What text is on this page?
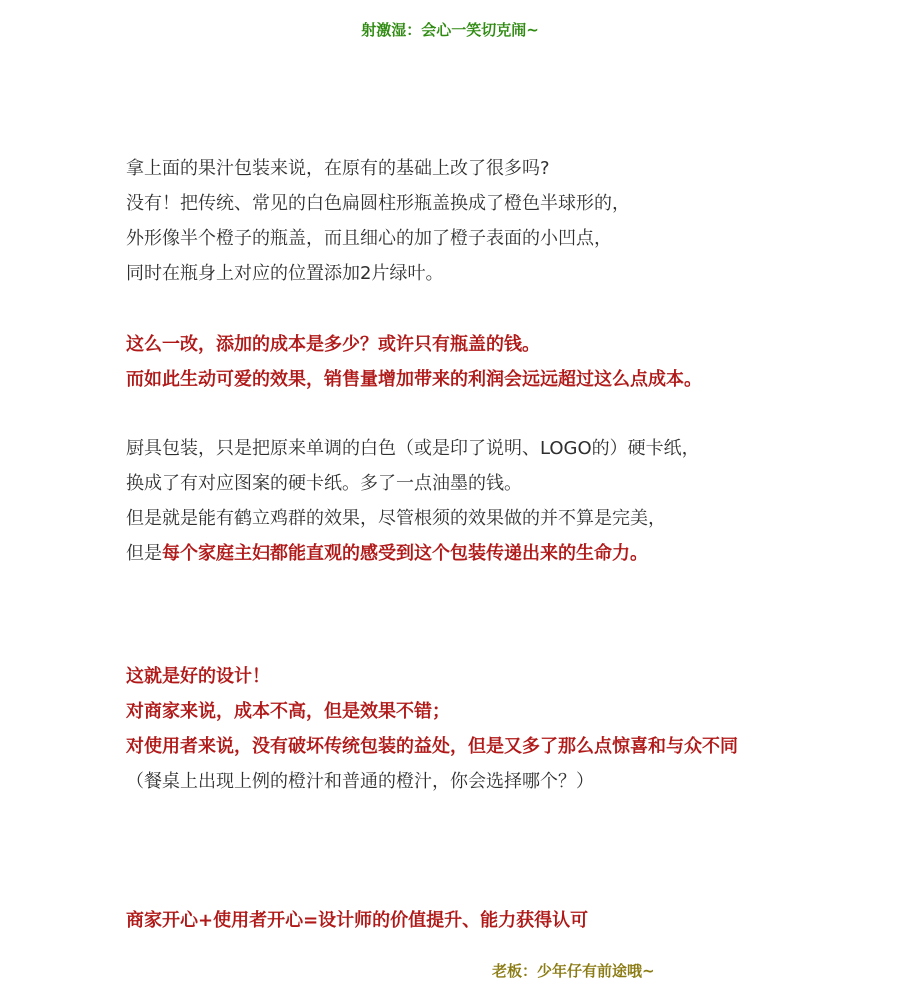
射激湿：会心一笑切克闹~
拿上面的果汁包装来说，在原有的基础上改了很多吗?
没有！把传统、常见的白色扁圆柱形瓶盖换成了橙色半球形的，
外形像半个橙子的瓶盖，而且细心的加了橙子表面的小凹点，
同时在瓶身上对应的位置添加2片绿叶。
这么一改，添加的成本是多少？或许只有瓶盖的钱。
而如此生动可爱的效果，销售量增加带来的利润会远远超过这么点成本。
厨具包装，只是把原来单调的白色（或是印了说明、LOGO的）硬卡纸，
换成了有对应图案的硬卡纸。多了一点油墨的钱。
但是就是能有鹤立鸡群的效果，尽管根须的效果做的并不算是完美，
但是每个家庭主妇都能直观的感受到这个包装传递出来的生命力。
这就是好的设计！
对商家来说，成本不高，但是效果不错；
对使用者来说，没有破坏传统包装的益处，但是又多了那么点惊喜和与众不同
（餐桌上出现上例的橙汁和普通的橙汁，你会选择哪个？）
商家开心+使用者开心=设计师的价值提升、能力获得认可
老板：少年仔有前途哦~
